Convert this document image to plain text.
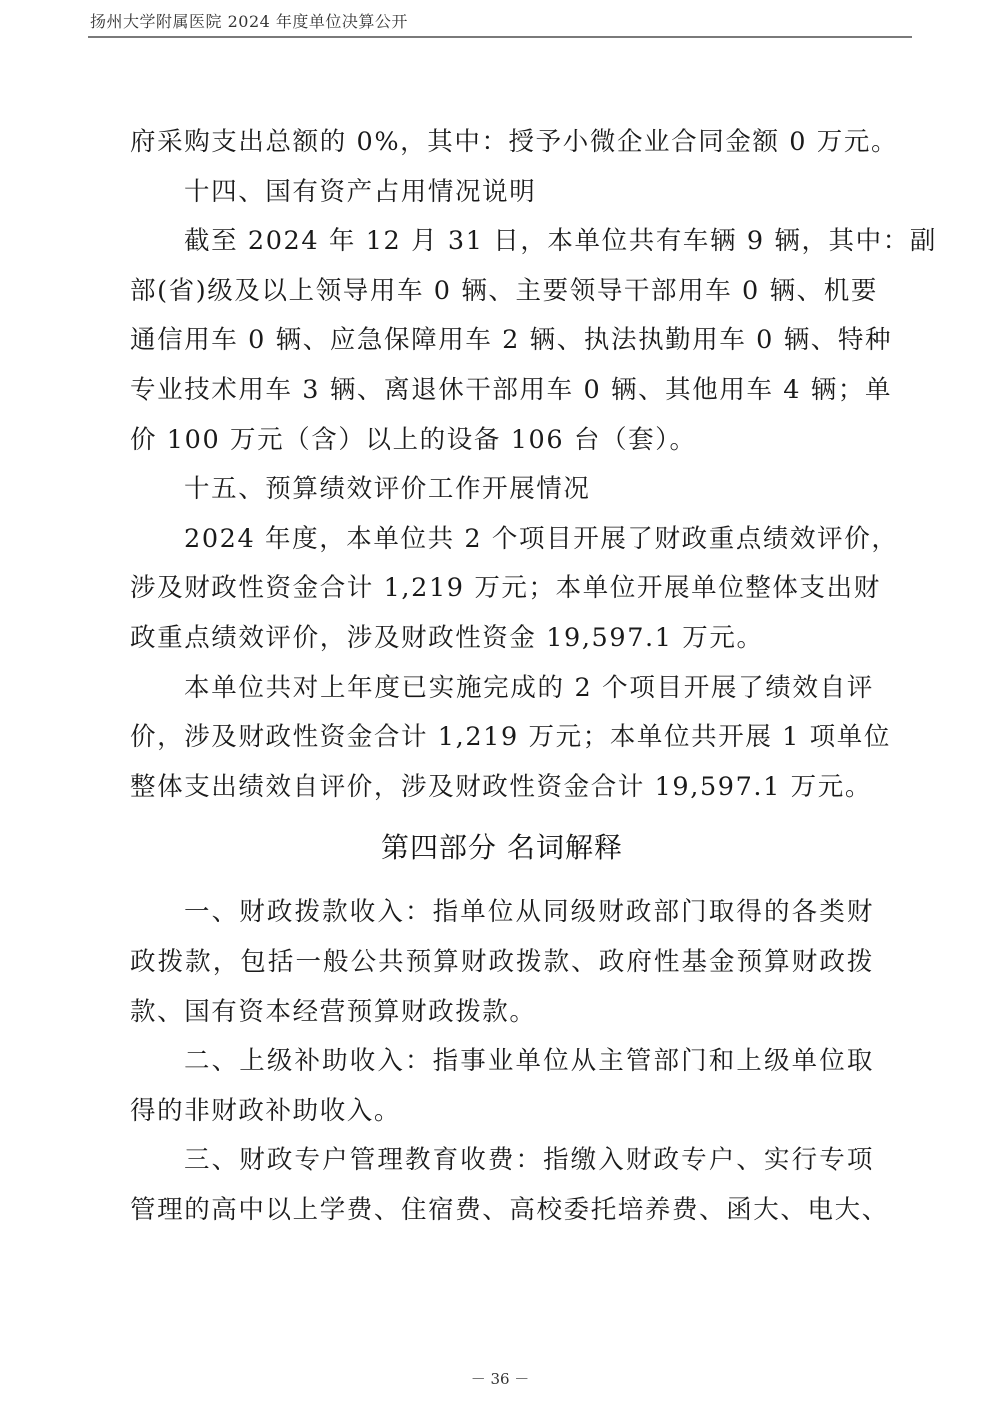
扬州大学附属医院 2024 年度单位决算公开
府采购支出总额的 0%，其中：授予小微企业合同金额 0 万元。
十四、国有资产占用情况说明
截至 2024 年 12 月 31 日，本单位共有车辆 9 辆，其中：副
部(省)级及以上领导用车 0 辆、主要领导干部用车 0 辆、机要
通信用车 0 辆、应急保障用车 2 辆、执法执勤用车 0 辆、特种
专业技术用车 3 辆、离退休干部用车 0 辆、其他用车 4 辆；单
价 100 万元（含）以上的设备 106 台（套）。
十五、预算绩效评价工作开展情况
2024 年度，本单位共 2 个项目开展了财政重点绩效评价，
涉及财政性资金合计 1,219 万元；本单位开展单位整体支出财
政重点绩效评价，涉及财政性资金 19,597.1 万元。
本单位共对上年度已实施完成的 2 个项目开展了绩效自评
价，涉及财政性资金合计 1,219 万元；本单位共开展 1 项单位
整体支出绩效自评价，涉及财政性资金合计 19,597.1 万元。
第四部分 名词解释
一、财政拨款收入：指单位从同级财政部门取得的各类财
政拨款，包括一般公共预算财政拨款、政府性基金预算财政拨
款、国有资本经营预算财政拨款。
二、上级补助收入：指事业单位从主管部门和上级单位取
得的非财政补助收入。
三、财政专户管理教育收费：指缴入财政专户、实行专项
管理的高中以上学费、住宿费、高校委托培养费、函大、电大、
－ 36 －
